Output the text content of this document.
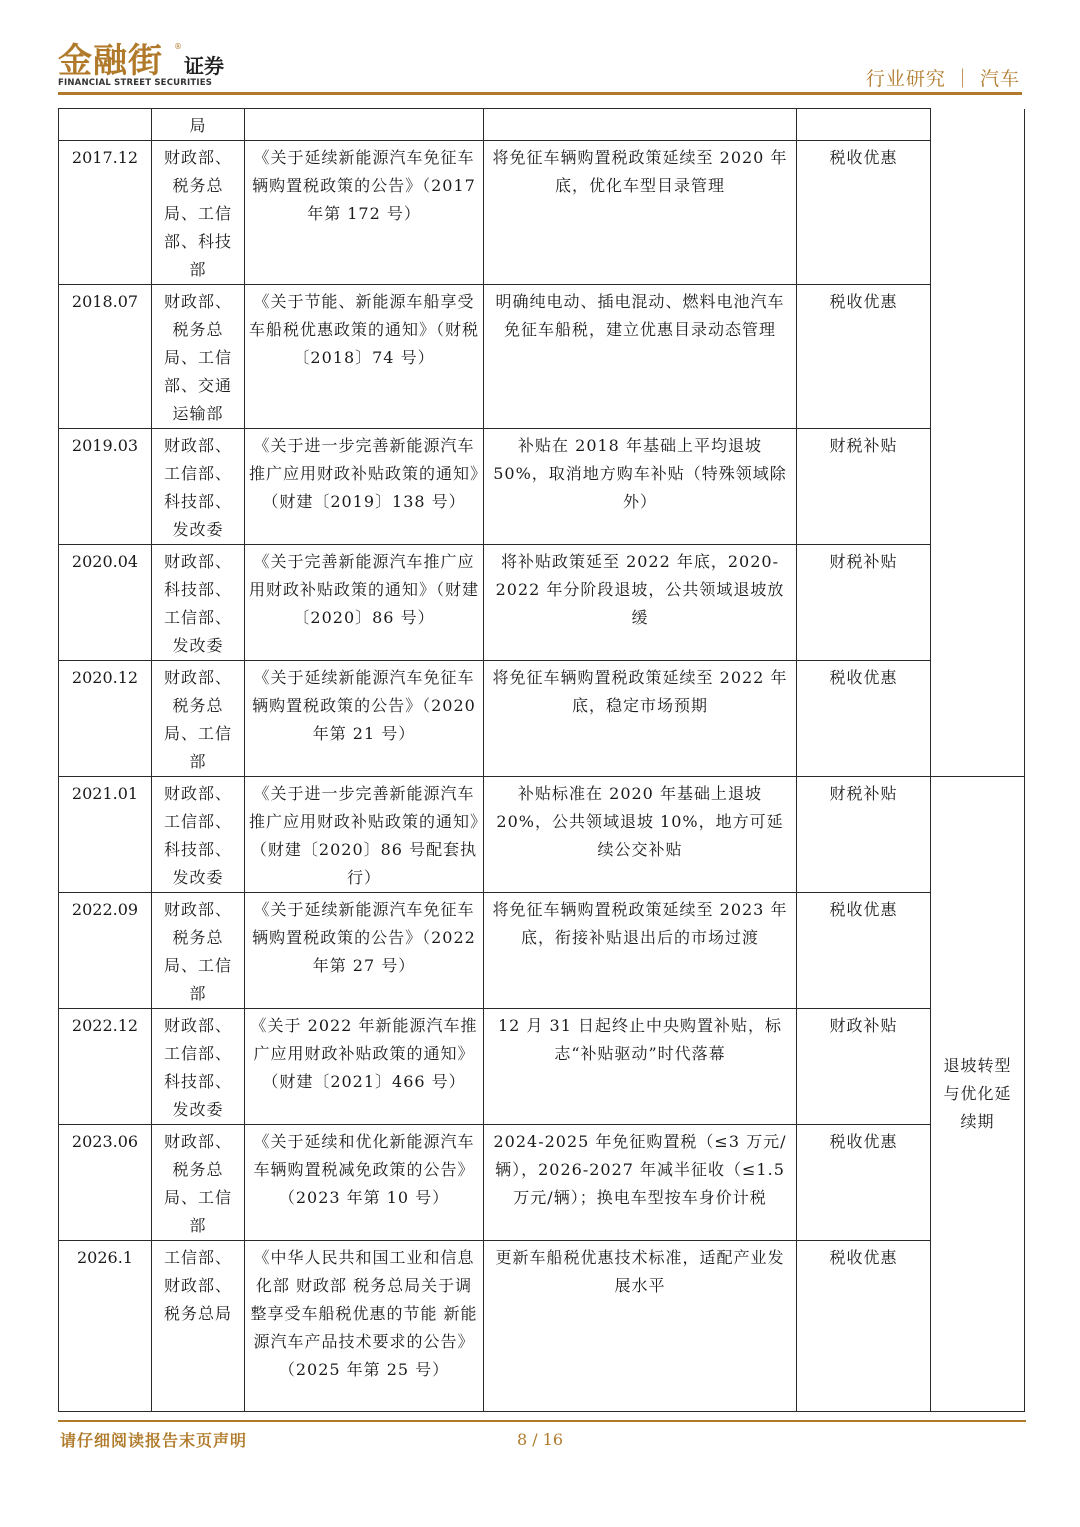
金融街 ®
证券
FINANCIAL STREET SECURITIES	行业研究 ｜ 汽车
	局				
2017.12	财政部、税务总局、工信部、科技部	《关于延续新能源汽车免征车辆购置税政策的公告》（2017 年第 172 号）	将免征车辆购置税政策延续至 2020 年底，优化车型目录管理	税收优惠	
2018.07	财政部、税务总局、工信部、交通运输部	《关于节能、新能源车船享受车船税优惠政策的通知》（财税〔2018〕74 号）	明确纯电动、插电混动、燃料电池汽车免征车船税，建立优惠目录动态管理	税收优惠	
2019.03	财政部、工信部、科技部、发改委	《关于进一步完善新能源汽车推广应用财政补贴政策的通知》（财建〔2019〕138 号）	补贴在 2018 年基础上平均退坡 50%，取消地方购车补贴（特殊领域除外）	财税补贴	
2020.04	财政部、科技部、工信部、发改委	《关于完善新能源汽车推广应用财政补贴政策的通知》（财建〔2020〕86 号）	将补贴政策延至 2022 年底，2020-2022 年分阶段退坡，公共领域退坡放缓	财税补贴	
2020.12	财政部、税务总局、工信部	《关于延续新能源汽车免征车辆购置税政策的公告》（2020 年第 21 号）	将免征车辆购置税政策延续至 2022 年底，稳定市场预期	税收优惠	
2021.01	财政部、工信部、科技部、发改委	《关于进一步完善新能源汽车推广应用财政补贴政策的通知》（财建〔2020〕86 号配套执行）	补贴标准在 2020 年基础上退坡 20%，公共领域退坡 10%，地方可延续公交补贴	财税补贴	退坡转型与优化延续期
2022.09	财政部、税务总局、工信部	《关于延续新能源汽车免征车辆购置税政策的公告》（2022 年第 27 号）	将免征车辆购置税政策延续至 2023 年底，衔接补贴退出后的市场过渡	税收优惠	
2022.12	财政部、工信部、科技部、发改委	《关于 2022 年新能源汽车推广应用财政补贴政策的通知》（财建〔2021〕466 号）	12 月 31 日起终止中央购置补贴，标志“补贴驱动”时代落幕	财政补贴	
2023.06	财政部、税务总局、工信部	《关于延续和优化新能源汽车车辆购置税减免政策的公告》（2023 年第 10 号）	2024-2025 年免征购置税（≤3 万元/辆），2026-2027 年减半征收（≤1.5 万元/辆）；换电车型按车身价计税	税收优惠	
2026.1	工信部、财政部、税务总局	《中华人民共和国工业和信息化部 财政部 税务总局关于调整享受车船税优惠的节能 新能源汽车产品技术要求的公告》（2025 年第 25 号）	更新车船税优惠技术标准，适配产业发展水平	税收优惠	
请仔细阅读报告末页声明	8 / 16
